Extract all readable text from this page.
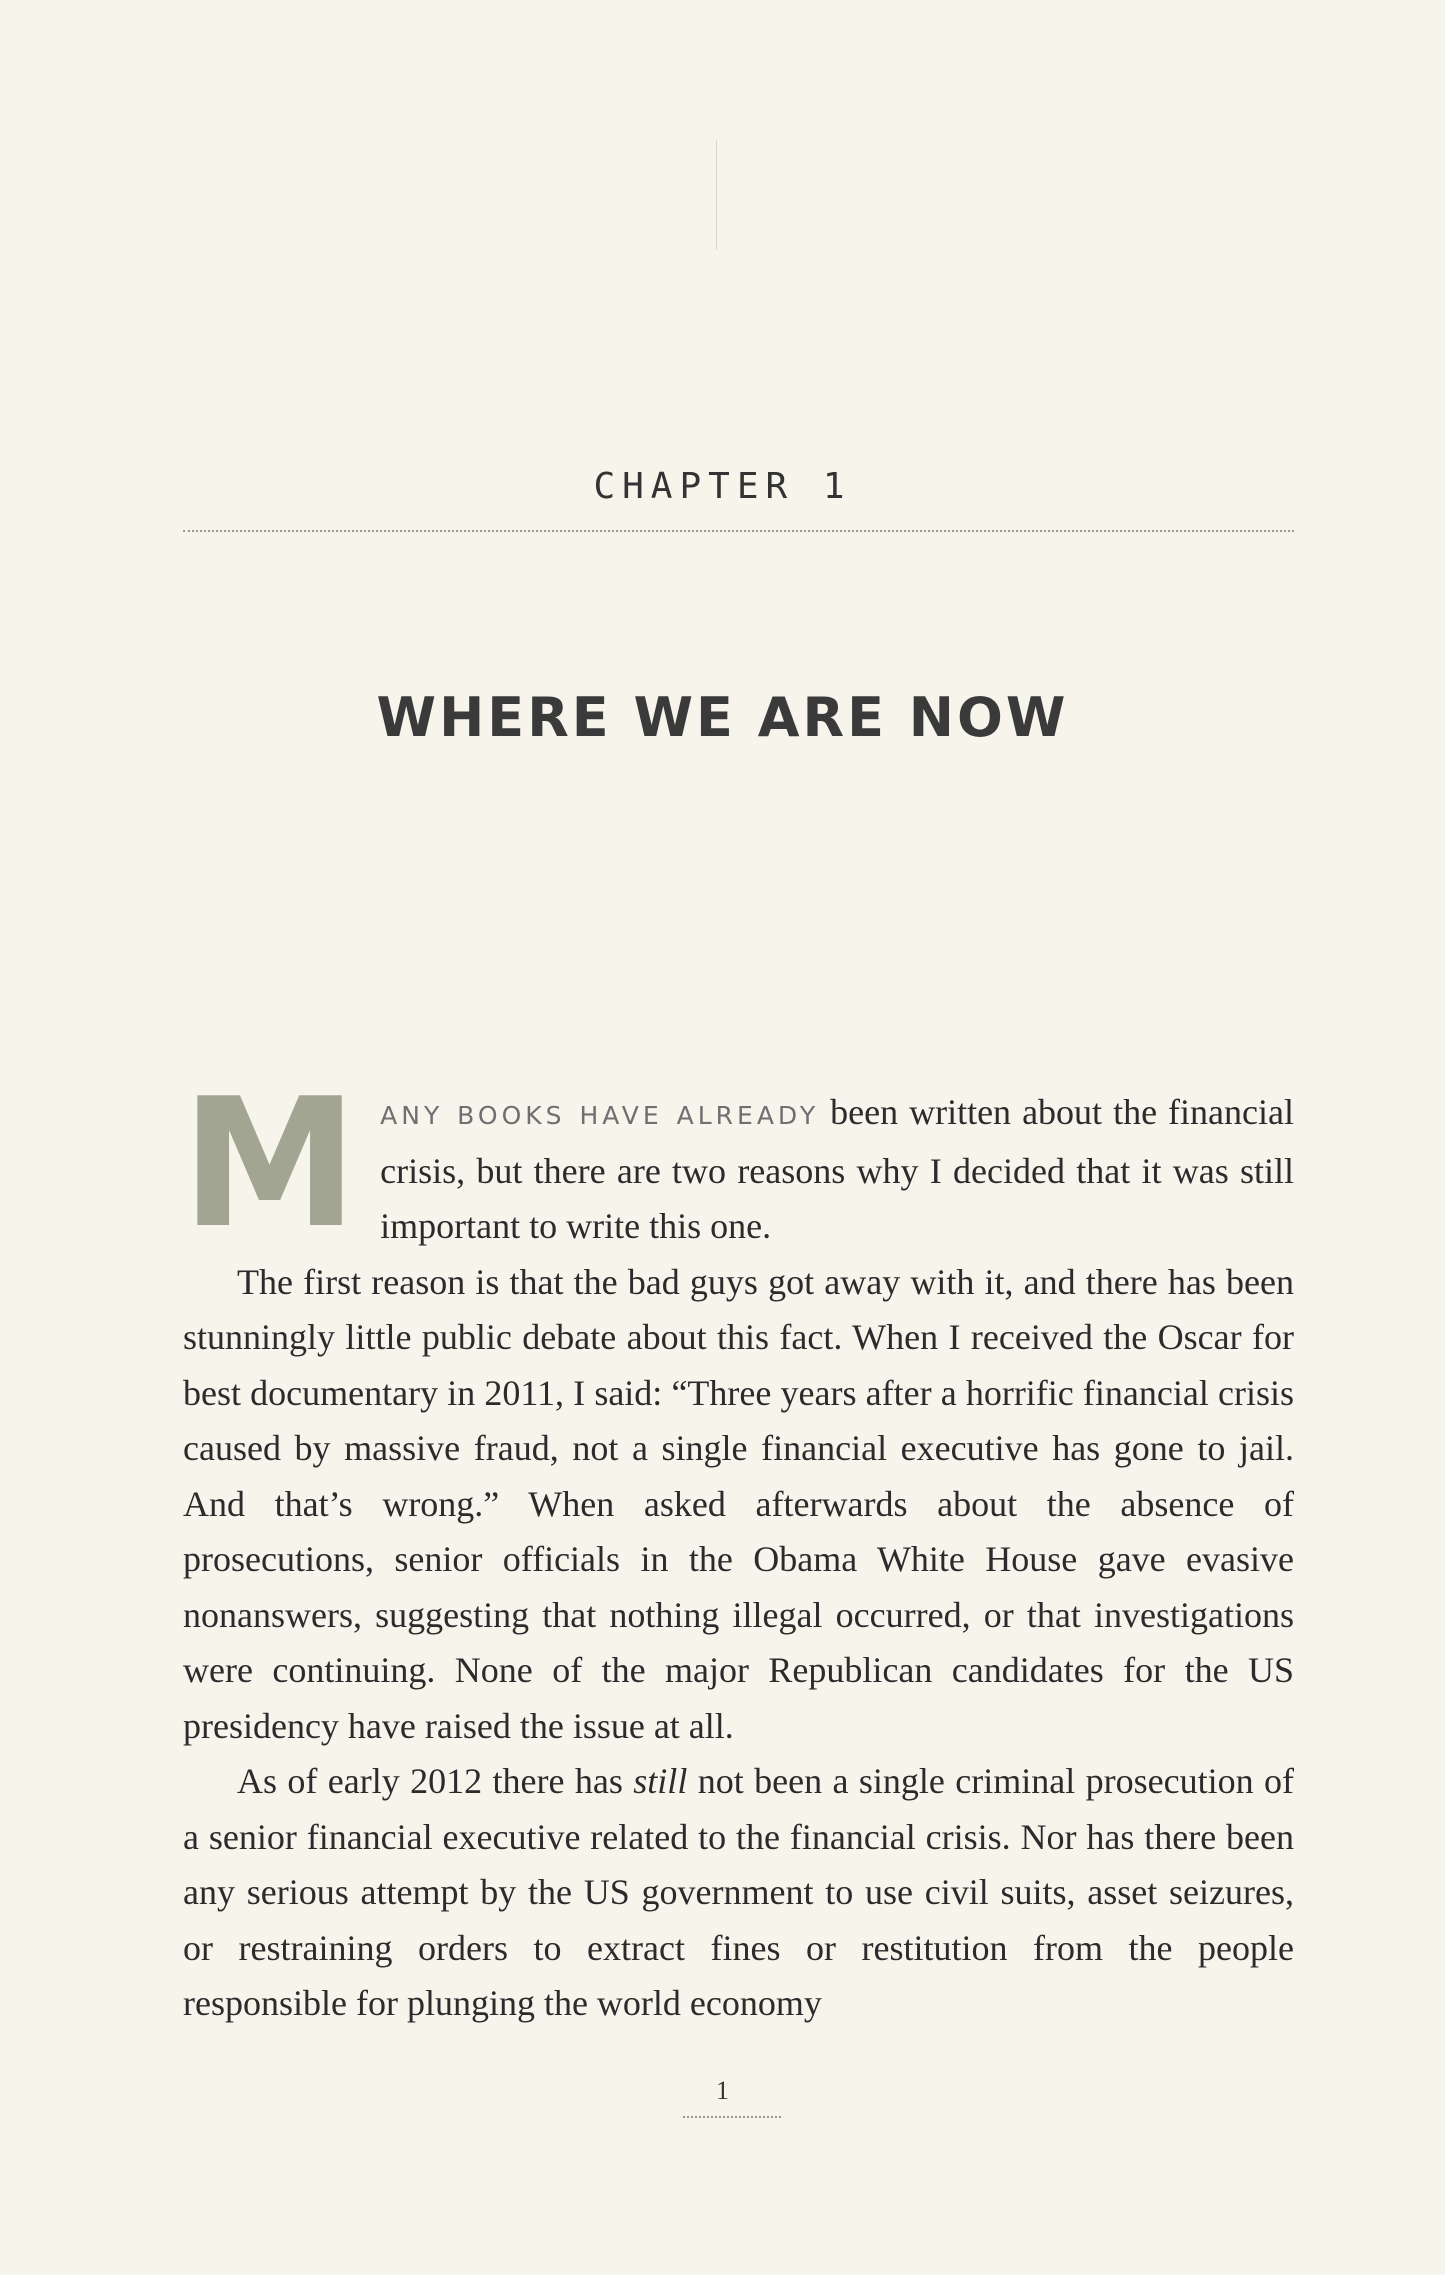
CHAPTER 1
WHERE WE ARE NOW

MANY BOOKS HAVE ALREADY been written about the financial crisis, but there are two reasons why I decided that it was still important to write this one.

The first reason is that the bad guys got away with it, and there has been stunningly little public debate about this fact. When I received the Oscar for best documentary in 2011, I said: “Three years after a horrific financial crisis caused by massive fraud, not a single financial executive has gone to jail. And that’s wrong.” When asked afterwards about the absence of prosecutions, senior officials in the Obama White House gave evasive nonanswers, suggesting that nothing illegal occurred, or that investigations were continuing. None of the major Republican candidates for the US presidency have raised the issue at all.

As of early 2012 there has still not been a single criminal prosecution of a senior financial executive related to the financial crisis. Nor has there been any serious attempt by the US government to use civil suits, asset seizures, or restraining orders to extract fines or restitution from the people responsible for plunging the world economy

1
